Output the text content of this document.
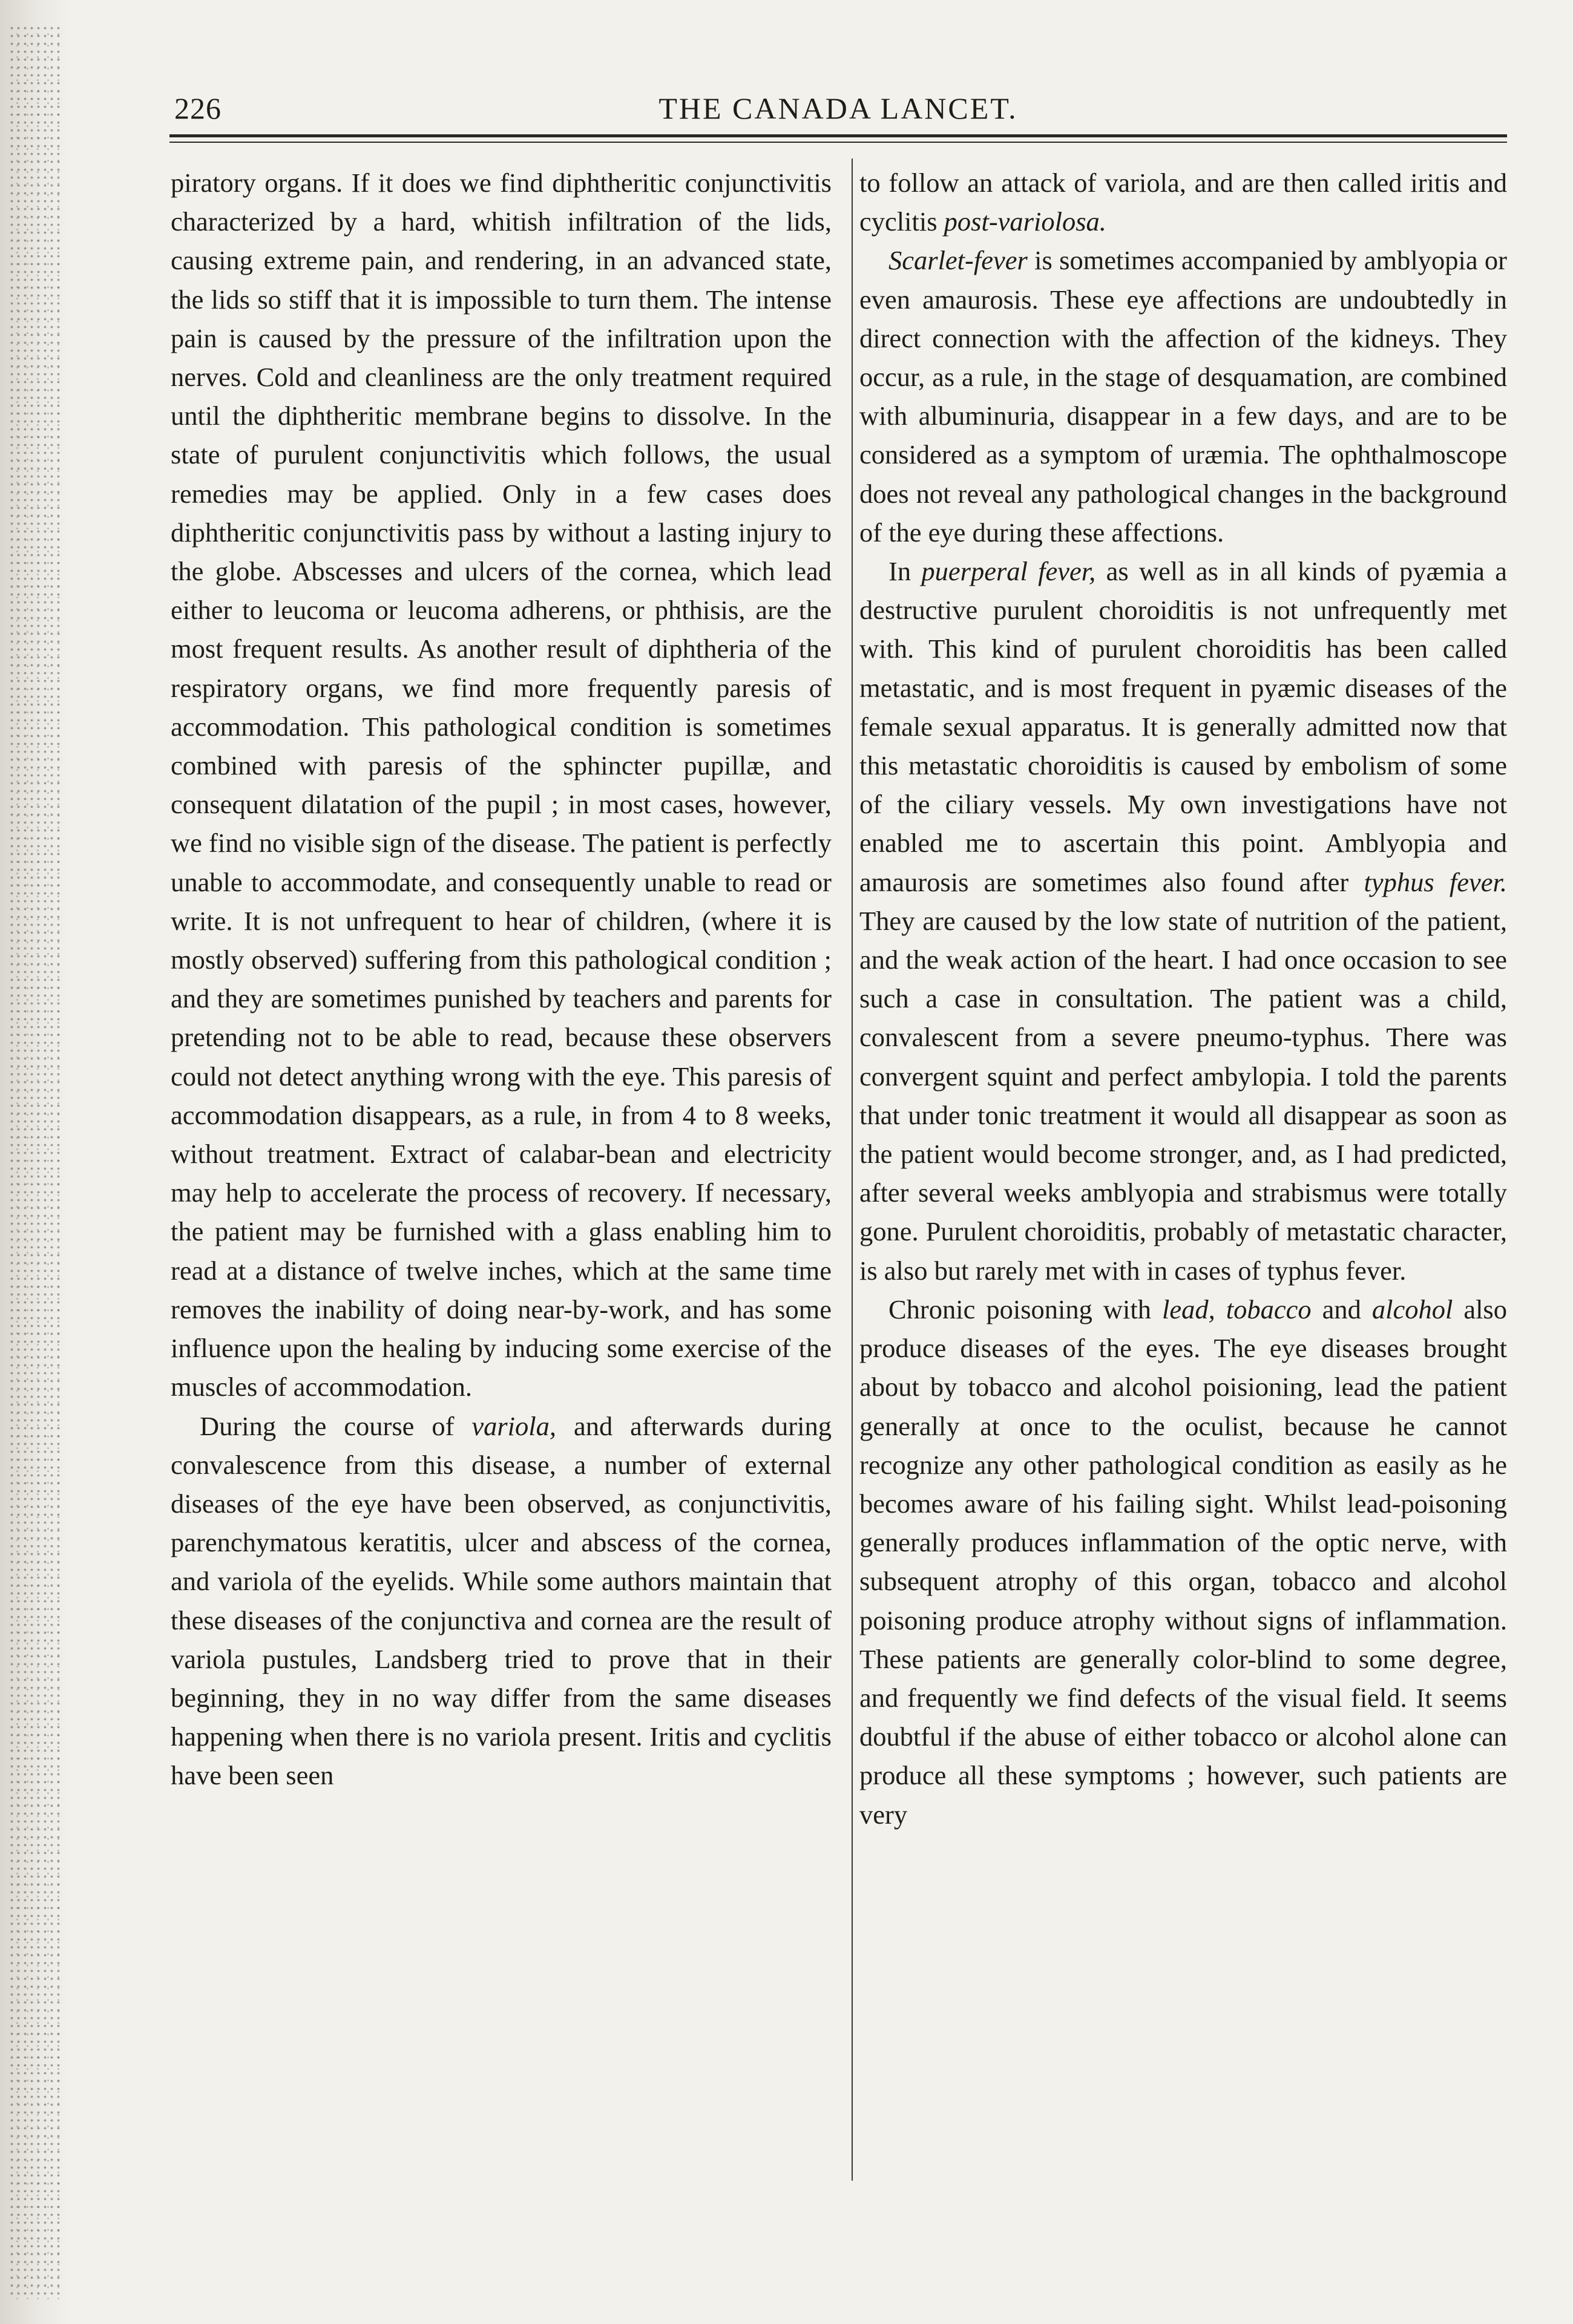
226	THE CANADA LANCET.

piratory organs. If it does we find diphtheritic conjunctivitis characterized by a hard, whitish infiltration of the lids, causing extreme pain, and rendering, in an advanced state, the lids so stiff that it is impossible to turn them. The intense pain is caused by the pressure of the infiltration upon the nerves. Cold and cleanliness are the only treatment required until the diphtheritic membrane begins to dissolve. In the state of purulent conjunctivitis which follows, the usual remedies may be applied. Only in a few cases does diphtheritic conjunctivitis pass by without a lasting injury to the globe. Abscesses and ulcers of the cornea, which lead either to leucoma or leucoma adherens, or phthisis, are the most frequent results. As another result of diphtheria of the respiratory organs, we find more frequently paresis of accommodation. This pathological condition is sometimes combined with paresis of the sphincter pupillæ, and consequent dilatation of the pupil ; in most cases, however, we find no visible sign of the disease. The patient is perfectly unable to accommodate, and consequently unable to read or write. It is not unfrequent to hear of children, (where it is mostly observed) suffering from this pathological condition ; and they are sometimes punished by teachers and parents for pretending not to be able to read, because these observers could not detect anything wrong with the eye. This paresis of accommodation disappears, as a rule, in from 4 to 8 weeks, without treatment. Extract of calabar-bean and electricity may help to accelerate the process of recovery. If necessary, the patient may be furnished with a glass enabling him to read at a distance of twelve inches, which at the same time removes the inability of doing near-by-work, and has some influence upon the healing by inducing some exercise of the muscles of accommodation.

During the course of variola, and afterwards during convalescence from this disease, a number of external diseases of the eye have been observed, as conjunctivitis, parenchymatous keratitis, ulcer and abscess of the cornea, and variola of the eyelids. While some authors maintain that these diseases of the conjunctiva and cornea are the result of variola pustules, Landsberg tried to prove that in their beginning, they in no way differ from the same diseases happening when there is no variola present. Iritis and cyclitis have been seen

to follow an attack of variola, and are then called iritis and cyclitis post-variolosa.

Scarlet-fever is sometimes accompanied by amblyopia or even amaurosis. These eye affections are undoubtedly in direct connection with the affection of the kidneys. They occur, as a rule, in the stage of desquamation, are combined with albuminuria, disappear in a few days, and are to be considered as a symptom of uræmia. The ophthalmoscope does not reveal any pathological changes in the background of the eye during these affections.

In puerperal fever, as well as in all kinds of pyæmia a destructive purulent choroiditis is not unfrequently met with. This kind of purulent choroiditis has been called metastatic, and is most frequent in pyæmic diseases of the female sexual apparatus. It is generally admitted now that this metastatic choroiditis is caused by embolism of some of the ciliary vessels. My own investigations have not enabled me to ascertain this point. Amblyopia and amaurosis are sometimes also found after typhus fever. They are caused by the low state of nutrition of the patient, and the weak action of the heart. I had once occasion to see such a case in consultation. The patient was a child, convalescent from a severe pneumo-typhus. There was convergent squint and perfect ambylopia. I told the parents that under tonic treatment it would all disappear as soon as the patient would become stronger, and, as I had predicted, after several weeks amblyopia and strabismus were totally gone. Purulent choroiditis, probably of metastatic character, is also but rarely met with in cases of typhus fever.

Chronic poisoning with lead, tobacco and alcohol also produce diseases of the eyes. The eye diseases brought about by tobacco and alcohol poisioning, lead the patient generally at once to the oculist, because he cannot recognize any other pathological condition as easily as he becomes aware of his failing sight. Whilst lead-poisoning generally produces inflammation of the optic nerve, with subsequent atrophy of this organ, tobacco and alcohol poisoning produce atrophy without signs of inflammation. These patients are generally color-blind to some degree, and frequently we find defects of the visual field. It seems doubtful if the abuse of either tobacco or alcohol alone can produce all these symptoms ; however, such patients are very
